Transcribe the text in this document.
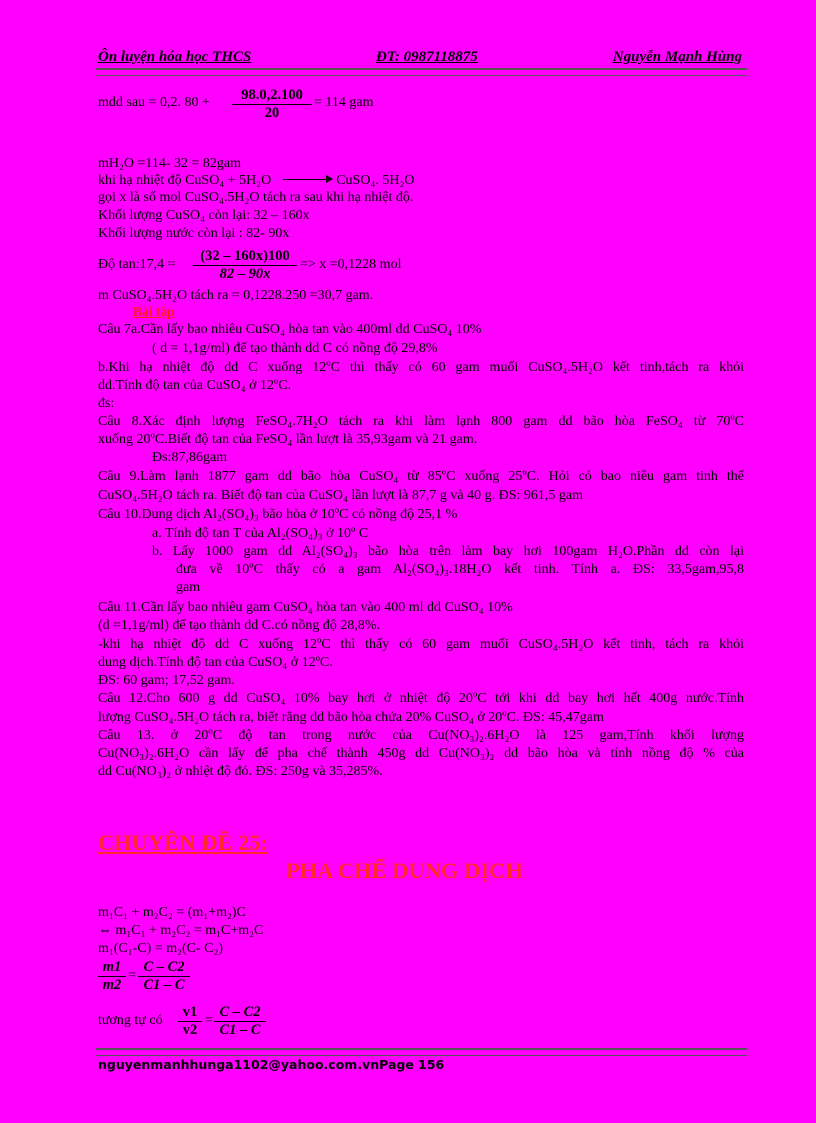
Ôn luyện hóa học THCS	ĐT: 0987118875	Nguyễn Mạnh Hùng
mdd sau = 0,2. 80 +	98.0,2.100
20
= 114 gam
mH₂O =114- 32 = 82gam
khi hạ nhiệt độ CuSO₄ + 5H₂O	CuSO₄. 5H₂O
gọi x là số mol CuSO₄.5H₂O tách ra sau khi hạ nhiệt độ.
Khối lượng CuSO₄ còn lại: 32 – 160x
Khối lượng nước còn lại : 82- 90x
Độ tan:17,4 =
(32 – 160x)100
82 – 90x
=> x =0,1228 mol
m CuSO₄.5H₂O tách ra = 0,1228.250 =30,7 gam.
Bài tập
Câu 7a.Cần lấy bao nhiêu CuSO₄ hòa tan vào 400ml dd CuSO₄ 10%
( d = 1,1g/ml) để tạo thành dd C có nồng độ 29,8%
b.Khi hạ nhiệt độ dd C xuống 12ºC thì thấy có 60 gam muối CuSO₄.5H₂O kết tinh,tách ra khỏi
dd.Tính độ tan của CuSO₄ ở 12ºC.
đs:
Câu 8.Xác định lượng FeSO₄.7H₂O tách ra khi làm lạnh 800 gam dd bão hòa FeSO₄ từ 70ºC
xuống 20ºC.Biết độ tan của FeSO₄ lần lượt là 35,93gam và 21 gam.
Đs:87,86gam
Câu 9.Làm lạnh 1877 gam dd bão hòa CuSO₄ từ 85ºC xuống 25ºC. Hỏi có bao niêu gam tinh thể
CuSO₄.5H₂O tách ra. Biết độ tan của CuSO₄ lần lượt là 87,7 g và 40 g. ĐS: 961,5 gam
Câu 10.Dung dịch Al₂(SO₄)₃ bão hòa ở 10ºC có nồng độ 25,1 %
a. Tính độ tan T của Al₂(SO₄)₃ ở 10º C
b. Lấy 1000 gam dd Al₂(SO₄)₃ bão hòa trên làm bay hơi 100gam H₂O.Phần dd còn lại
đưa về 10ºC thấy có a gam Al₂(SO₄)₃.18H₂O kết tinh. Tính a. ĐS: 33,5gam,95,8
gam
Câu 11.Cần lấy bao nhiêu gam CuSO₄ hòa tan vào 400 ml dd CuSO₄ 10%
(d =1,1g/ml) để tạo thành dd C.có nồng độ 28,8%.
-khi hạ nhiệt độ dd C xuống 12ºC thì thấy có 60 gam muối CuSO₄.5H₂O kết tinh, tách ra khỏi
dung dịch.Tính độ tan của CuSO₄ ở 12ºC.
ĐS: 60 gam; 17,52 gam.
Câu 12.Cho 600 g dd CuSO₄ 10% bay hơi ở nhiệt độ 20ºC tới khi dd bay hơi hết 400g nước.Tính
lượng CuSO₄.5H₂O tách ra, biết rằng dd bão hòa chứa 20% CuSO₄ ở 20ºC. ĐS: 45,47gam
Câu 13. ở 20ºC độ tan trong nước của Cu(NO₃)₂.6H₂O là 125 gam,Tính khối lượng
Cu(NO₃)₂.6H₂O cần lấy để pha chế thành 450g dd Cu(NO₃)₂ dd bão hòa và tính nồng độ % của
dd Cu(NO₃)₂ ở nhiệt độ đó. ĐS: 250g và 35,285%.
CHUYÊN ĐỀ 25:
PHA CHẾ DUNG DỊCH
m₁C₁ + m₂C₂ = (m₁+m₂)C
⇔ m₁C₁ + m₂C₂ = m₁C+m₂C
m₁(C₁-C) = m₂(C- C₂)
m1
m2
=
C – C2
C1 – C
tương tự có
v1
v2
=
C – C2
C1 – C
nguyenmanhhunga1102@yahoo.com.vnPage 156
